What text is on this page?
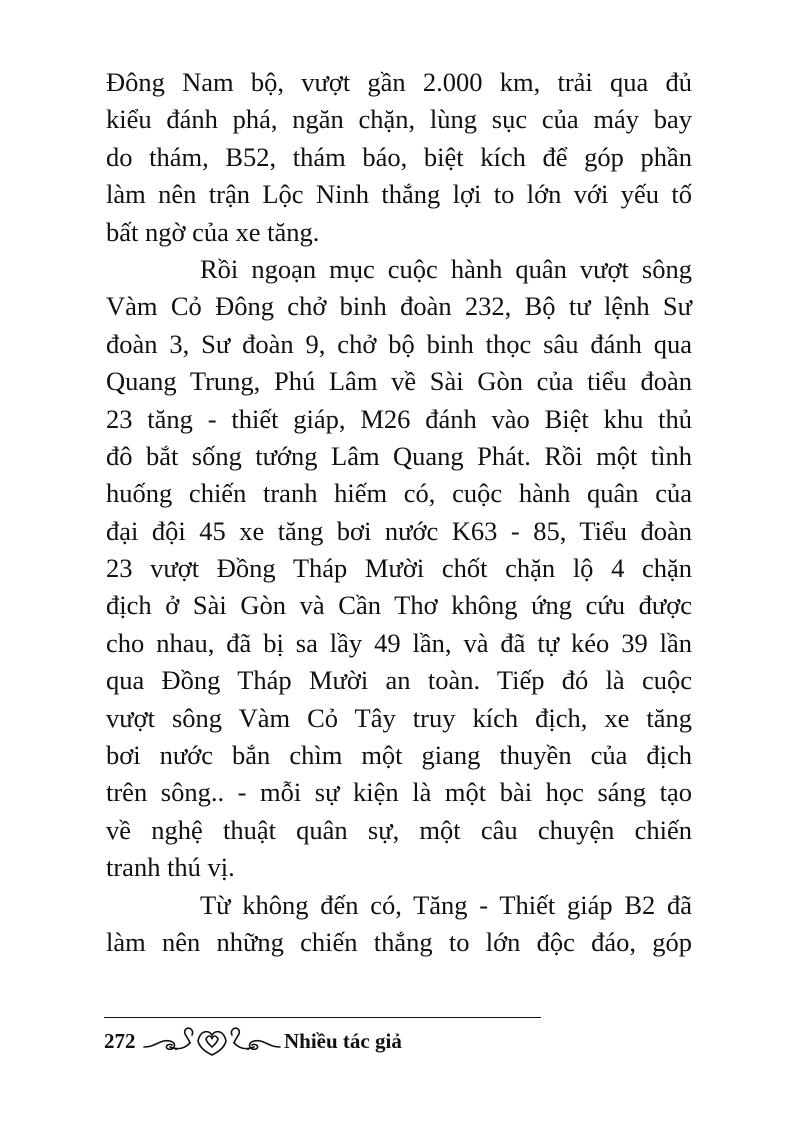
Đông Nam bộ, vượt gần 2.000 km, trải qua đủ
kiểu đánh phá, ngăn chặn, lùng sục của máy bay
do thám, B52, thám báo, biệt kích để góp phần
làm nên trận Lộc Ninh thắng lợi to lớn với yếu tố
bất ngờ của xe tăng.
Rồi ngoạn mục cuộc hành quân vượt sông
Vàm Cỏ Đông chở binh đoàn 232, Bộ tư lệnh Sư
đoàn 3, Sư đoàn 9, chở bộ binh thọc sâu đánh qua
Quang Trung, Phú Lâm về Sài Gòn của tiểu đoàn
23 tăng - thiết giáp, M26 đánh vào Biệt khu thủ
đô bắt sống tướng Lâm Quang Phát. Rồi một tình
huống chiến tranh hiếm có, cuộc hành quân của
đại đội 45 xe tăng bơi nước K63 - 85, Tiểu đoàn
23 vượt Đồng Tháp Mười chốt chặn lộ 4 chặn
địch ở Sài Gòn và Cần Thơ không ứng cứu được
cho nhau, đã bị sa lầy 49 lần, và đã tự kéo 39 lần
qua Đồng Tháp Mười an toàn. Tiếp đó là cuộc
vượt sông Vàm Cỏ Tây truy kích địch, xe tăng
bơi nước bắn chìm một giang thuyền của địch
trên sông.. - mỗi sự kiện là một bài học sáng tạo
về nghệ thuật quân sự, một câu chuyện chiến
tranh thú vị.
Từ không đến có, Tăng - Thiết giáp B2 đã
làm nên những chiến thắng to lớn độc đáo, góp
272	Nhiều tác giả
